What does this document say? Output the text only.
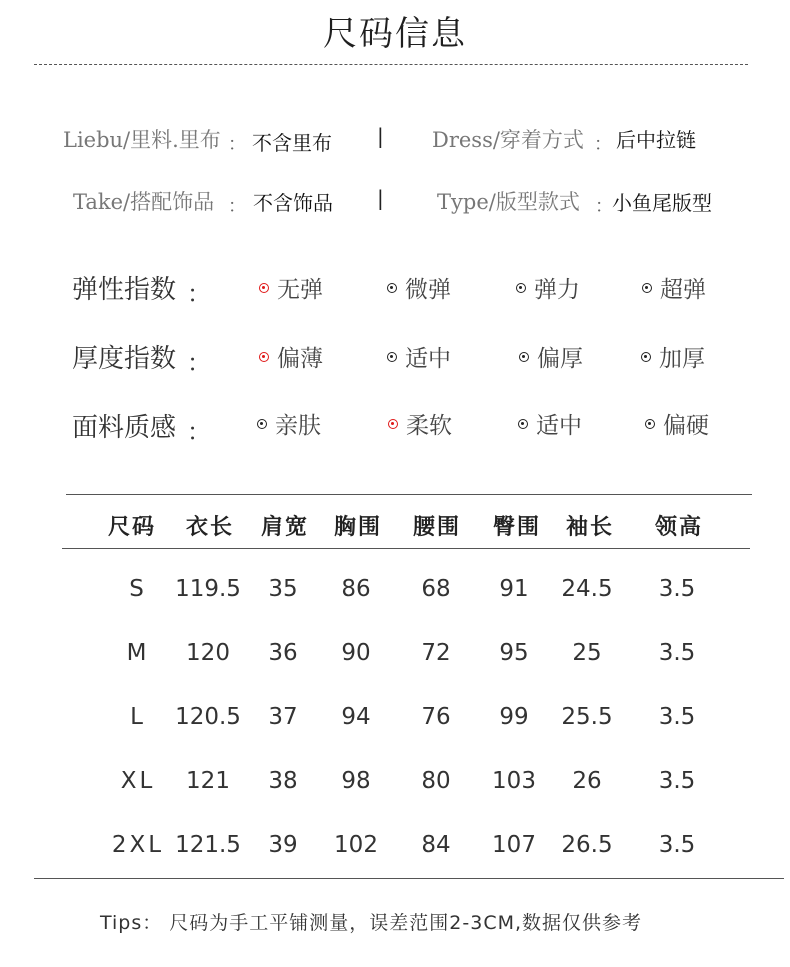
尺码信息
Liebu/里料.里布 ： 不含里布 | Dress/穿着方式 ： 后中拉链
Take/搭配饰品 ： 不含饰品 |	Type/版型款式 ： 小鱼尾版型
弹性指数 ：	无弹	微弹	弹力	超弹
厚度指数 ：	偏薄	适中	偏厚	加厚
面料质感 ：	亲肤	柔软	适中	偏硬
尺码	衣长	肩宽	胸围	腰围	臀围	袖长	领高
S	119.5	35	86	68	91	24.5	3.5
M	120	36	90	72	95	25	3.5
L	120.5	37	94	76	99	25.5	3.5
XL	121	38	98	80	103	26	3.5
2XL 121.5	39	102	84	107	26.5	3.5
Tips： 尺码为手工平铺测量，误差范围2-3CM,数据仅供参考
